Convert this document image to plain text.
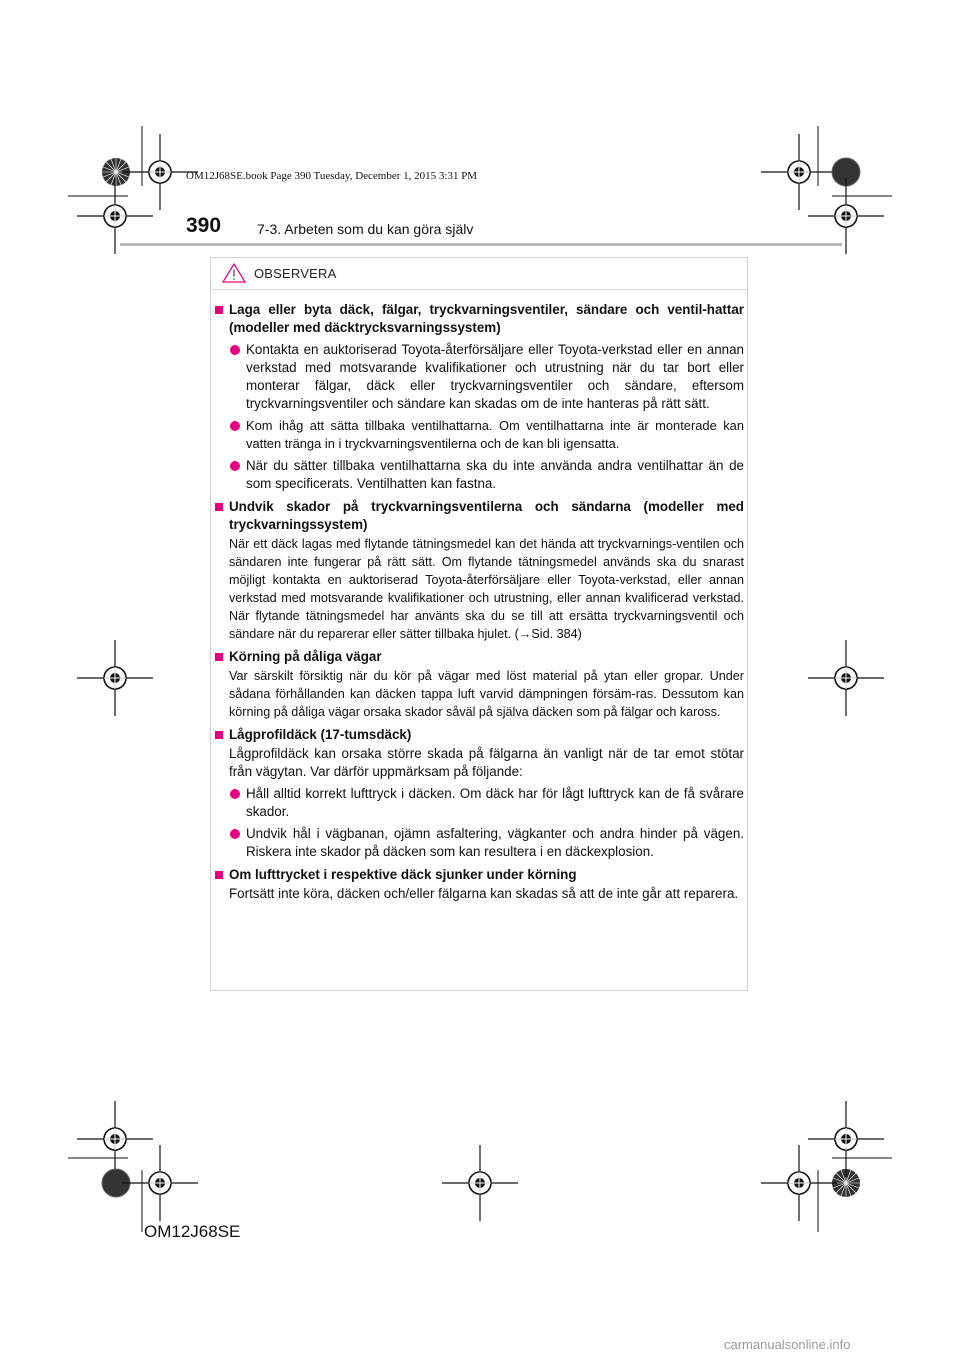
OM12J68SE.book Page 390 Tuesday, December 1, 2015 3:31 PM
390	7-3. Arbeten som du kan göra själv
OBSERVERA
Laga eller byta däck, fälgar, tryckvarningsventiler, sändare och ventil-hattar (modeller med däcktrycksvarningssystem)
Kontakta en auktoriserad Toyota-återförsäljare eller Toyota-verkstad eller en annan verkstad med motsvarande kvalifikationer och utrustning när du tar bort eller monterar fälgar, däck eller tryckvarningsventiler och sändare, eftersom tryckvarningsventiler och sändare kan skadas om de inte hanteras på rätt sätt.
Kom ihåg att sätta tillbaka ventilhattarna. Om ventilhattarna inte är monterade kan vatten tränga in i tryckvarningsventilerna och de kan bli igensatta.
När du sätter tillbaka ventilhattarna ska du inte använda andra ventilhattar än de som specificerats. Ventilhatten kan fastna.
Undvik skador på tryckvarningsventilerna och sändarna (modeller med tryckvarningssystem)
När ett däck lagas med flytande tätningsmedel kan det hända att tryckvarnings-ventilen och sändaren inte fungerar på rätt sätt. Om flytande tätningsmedel används ska du snarast möjligt kontakta en auktoriserad Toyota-återförsäljare eller Toyota-verkstad, eller annan verkstad med motsvarande kvalifikationer och utrustning, eller annan kvalificerad verkstad. När flytande tätningsmedel har använts ska du se till att ersätta tryckvarningsventil och sändare när du reparerar eller sätter tillbaka hjulet. (→Sid. 384)
Körning på dåliga vägar
Var särskilt försiktig när du kör på vägar med löst material på ytan eller gropar. Under sådana förhållanden kan däcken tappa luft varvid dämpningen försäm-ras. Dessutom kan körning på dåliga vägar orsaka skador såväl på själva däcken som på fälgar och kaross.
Lågprofildäck (17-tumsdäck)
Lågprofildäck kan orsaka större skada på fälgarna än vanligt när de tar emot stötar från vägytan. Var därför uppmärksam på följande:
Håll alltid korrekt lufttryck i däcken. Om däck har för lågt lufttryck kan de få svårare skador.
Undvik hål i vägbanan, ojämn asfaltering, vägkanter och andra hinder på vägen. Riskera inte skador på däcken som kan resultera i en däckexplosion.
Om lufttrycket i respektive däck sjunker under körning
Fortsätt inte köra, däcken och/eller fälgarna kan skadas så att de inte går att reparera.
OM12J68SE
carmanualsonline.info
